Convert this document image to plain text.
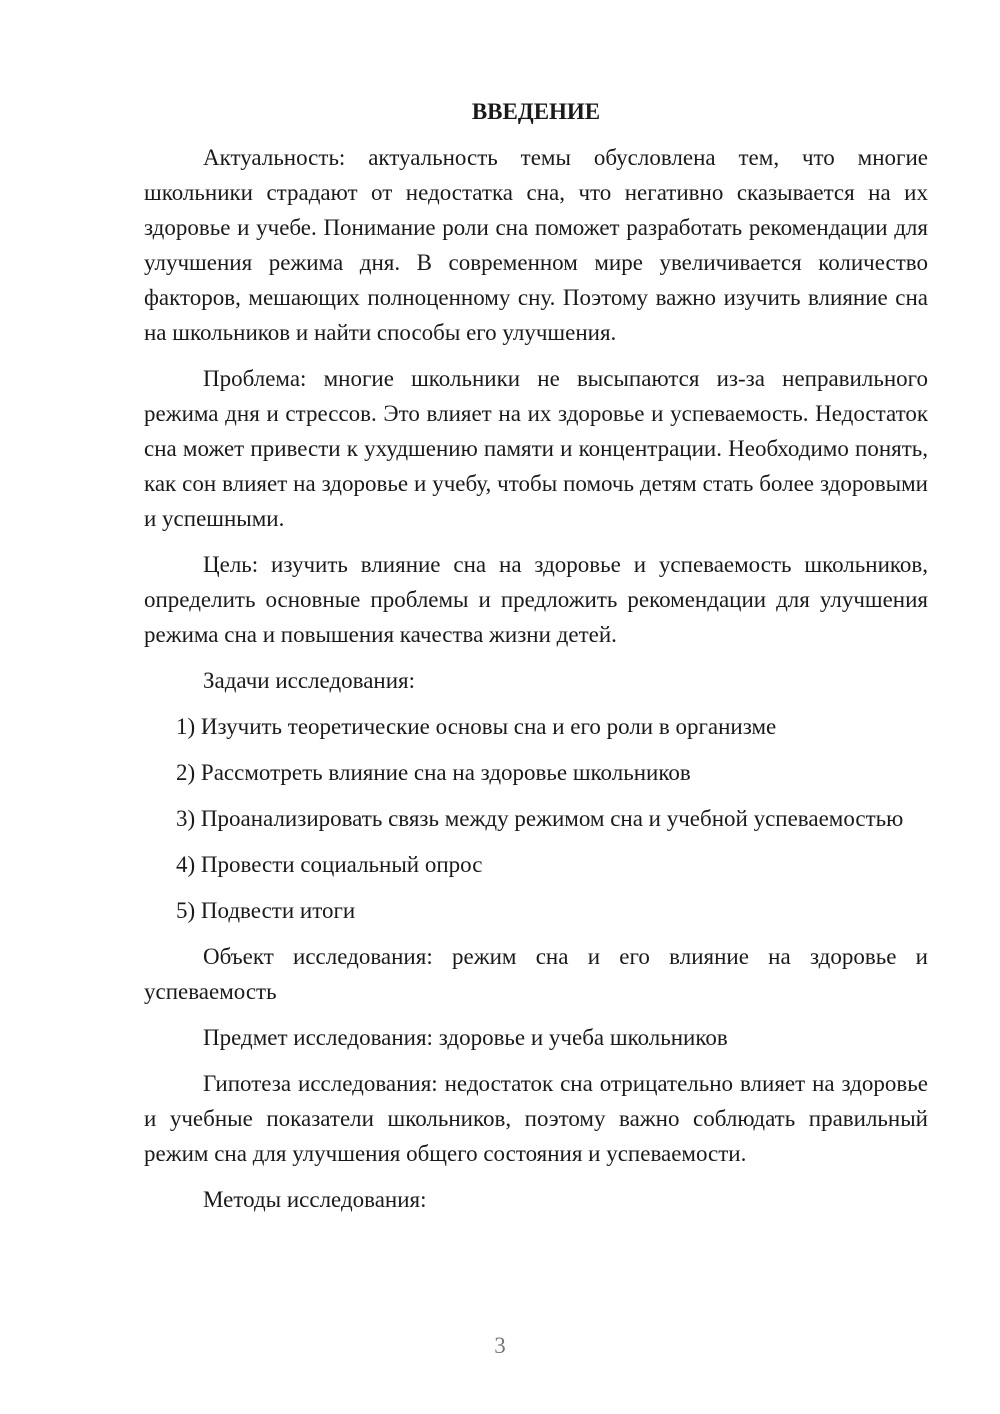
ВВЕДЕНИЕ

Актуальность: актуальность темы обусловлена тем, что многие школьники страдают от недостатка сна, что негативно сказывается на их здоровье и учебе. Понимание роли сна поможет разработать рекомендации для улучшения режима дня. В современном мире увеличивается количество факторов, мешающих полноценному сну. Поэтому важно изучить влияние сна на школьников и найти способы его улучшения.

Проблема: многие школьники не высыпаются из-за неправильного режима дня и стрессов. Это влияет на их здоровье и успеваемость. Недостаток сна может привести к ухудшению памяти и концентрации. Необходимо понять, как сон влияет на здоровье и учебу, чтобы помочь детям стать более здоровыми и успешными.

Цель: изучить влияние сна на здоровье и успеваемость школьников, определить основные проблемы и предложить рекомендации для улучшения режима сна и повышения качества жизни детей.

Задачи исследования:

1) Изучить теоретические основы сна и его роли в организме

2) Рассмотреть влияние сна на здоровье школьников

3) Проанализировать связь между режимом сна и учебной успеваемостью

4) Провести социальный опрос

5) Подвести итоги

Объект исследования: режим сна и его влияние на здоровье и успеваемость

Предмет исследования: здоровье и учеба школьников

Гипотеза исследования: недостаток сна отрицательно влияет на здоровье и учебные показатели школьников, поэтому важно соблюдать правильный режим сна для улучшения общего состояния и успеваемости.

Методы исследования:

3
